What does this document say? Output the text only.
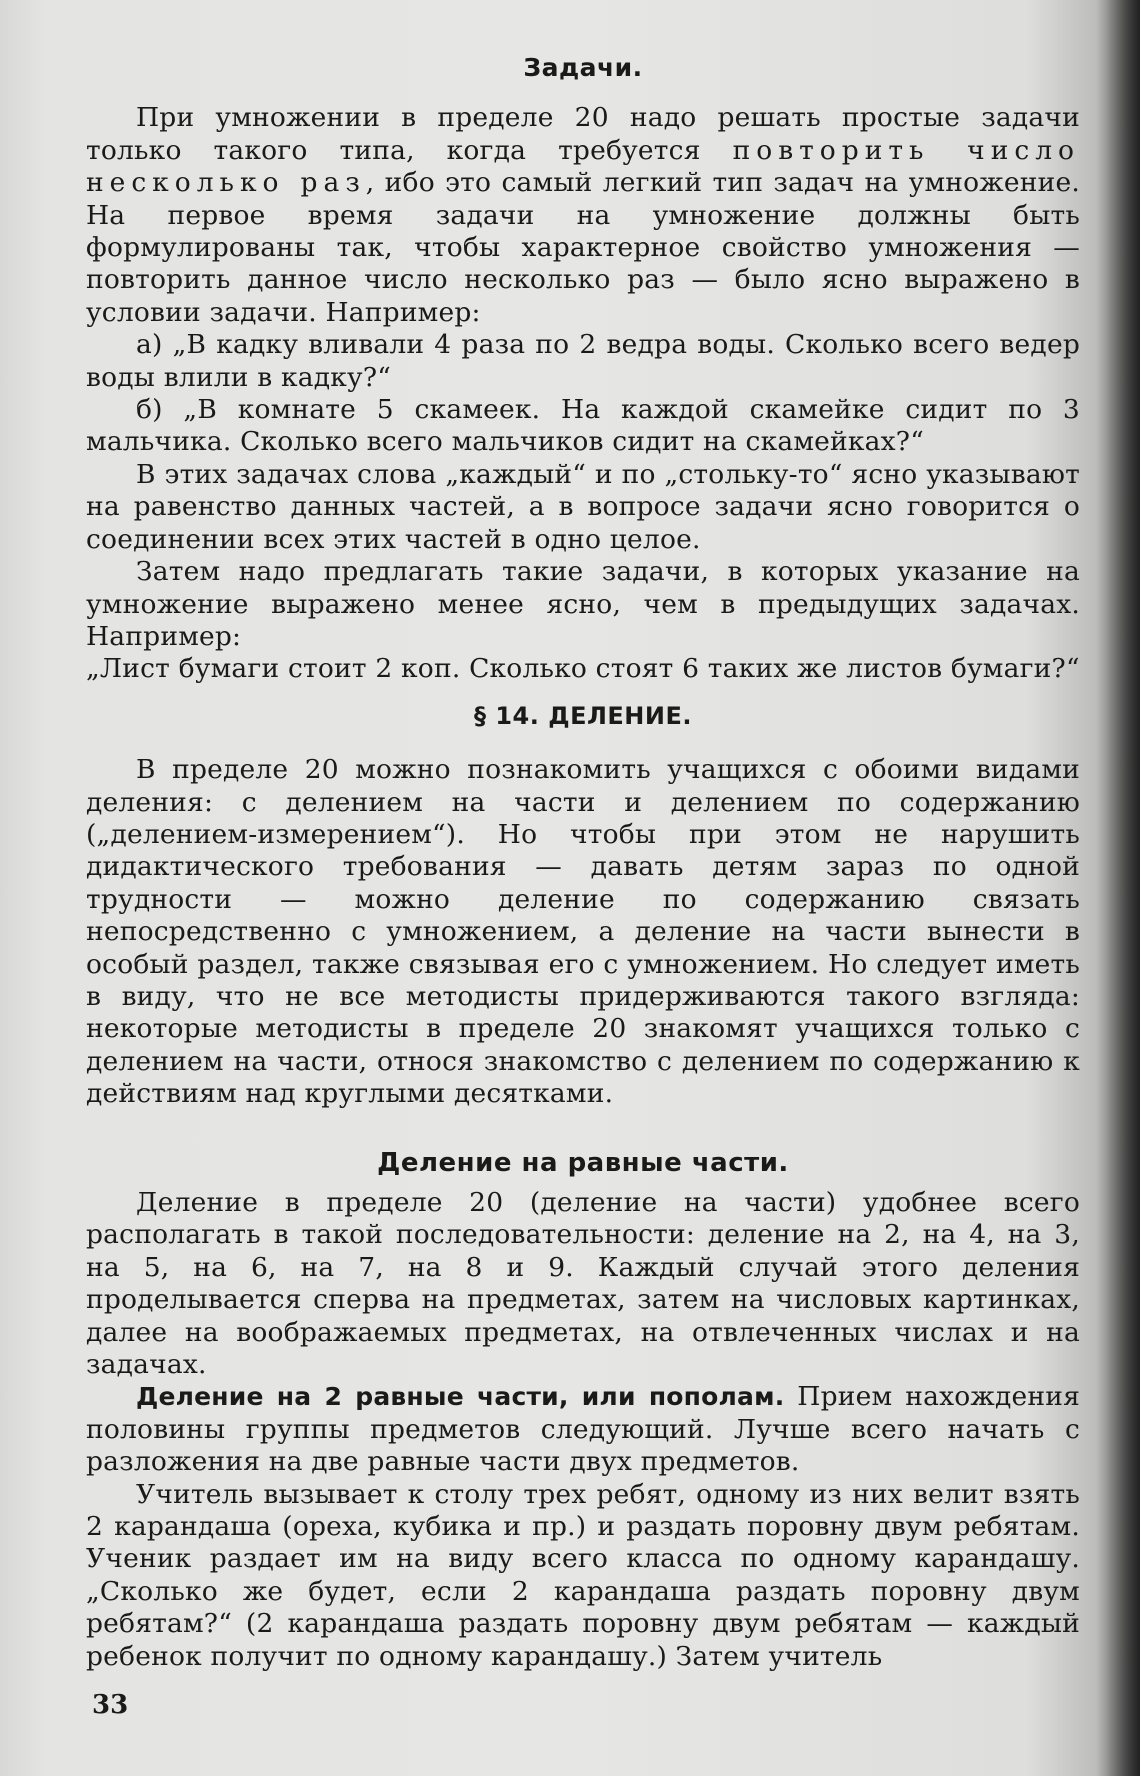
Задачи.

При умножении в пределе 20 надо решать простые задачи только такого типа, когда требуется повторить число несколько раз, ибо это самый легкий тип задач на умножение. На первое время задачи на умножение должны быть формулированы так, чтобы характерное свойство умножения — повторить данное число несколько раз — было ясно выражено в условии задачи. Например:

а) „В кадку вливали 4 раза по 2 ведра воды. Сколько всего ведер воды влили в кадку?“

б) „В комнате 5 скамеек. На каждой скамейке сидит по 3 мальчика. Сколько всего мальчиков сидит на скамейках?“

В этих задачах слова „каждый“ и по „стольку-то“ ясно указывают на равенство данных частей, а в вопросе задачи ясно говорится о соединении всех этих частей в одно целое.

Затем надо предлагать такие задачи, в которых указание на умножение выражено менее ясно, чем в предыдущих задачах. Например:

„Лист бумаги стоит 2 коп. Сколько стоят 6 таких же листов бумаги?“

§ 14. ДЕЛЕНИЕ.

В пределе 20 можно познакомить учащихся с обоими видами деления: с делением на части и делением по содержанию („делением-измерением“). Но чтобы при этом не нарушить дидактического требования — давать детям зараз по одной трудности — можно деление по содержанию связать непосредственно с умножением, а деление на части вынести в особый раздел, также связывая его с умножением. Но следует иметь в виду, что не все методисты придерживаются такого взгляда: некоторые методисты в пределе 20 знакомят учащихся только с делением на части, относя знакомство с делением по содержанию к действиям над круглыми десятками.

Деление на равные части.

Деление в пределе 20 (деление на части) удобнее всего располагать в такой последовательности: деление на 2, на 4, на 3, на 5, на 6, на 7, на 8 и 9. Каждый случай этого деления проделывается сперва на предметах, затем на числовых картинках, далее на воображаемых предметах, на отвлеченных числах и на задачах.

Деление на 2 равные части, или пополам. Прием нахождения половины группы предметов следующий. Лучше всего начать с разложения на две равные части двух предметов.

Учитель вызывает к столу трех ребят, одному из них велит взять 2 карандаша (ореха, кубика и пр.) и раздать поровну двум ребятам. Ученик раздает им на виду всего класса по одному карандашу. „Сколько же будет, если 2 карандаша раздать поровну двум ребятам?“ (2 карандаша раздать поровну двум ребятам — каждый ребенок получит по одному карандашу.) Затем учитель

33
